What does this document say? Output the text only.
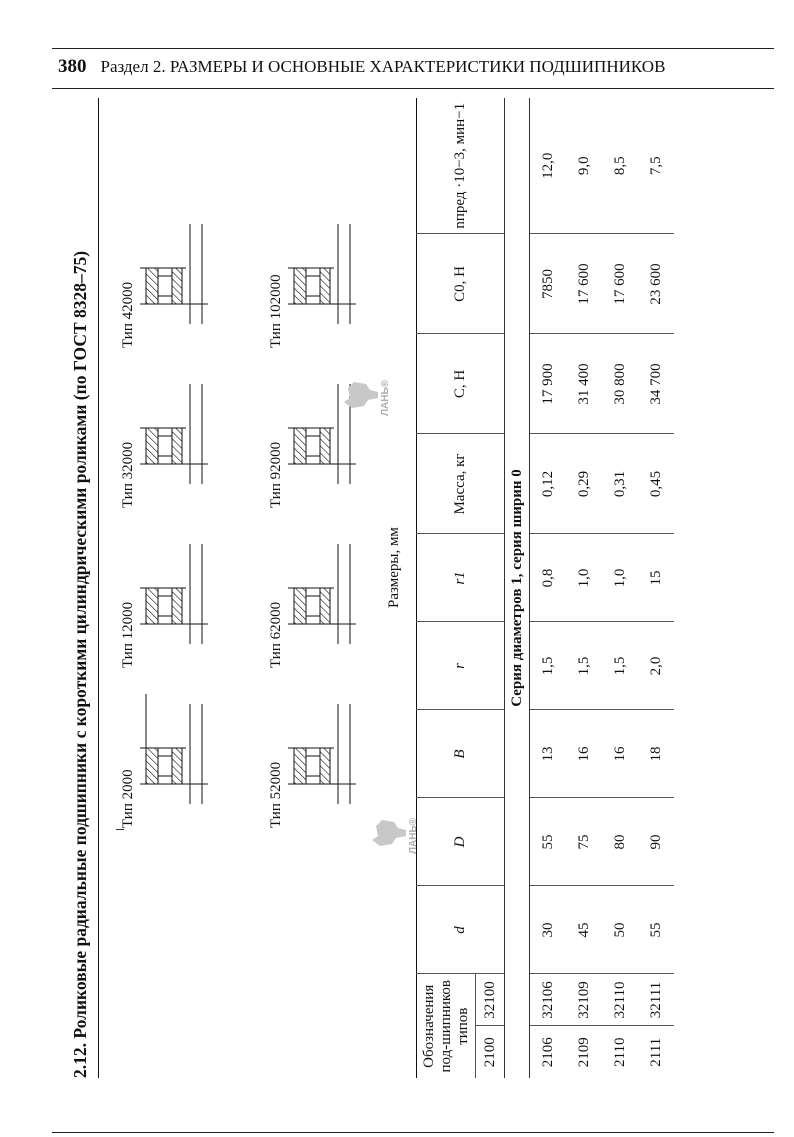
380 Раздел 2. РАЗМЕРЫ И ОСНОВНЫЕ ХАРАКТЕРИСТИКИ ПОДШИПНИКОВ
2.12. Роликовые радиальные подшипники с короткими цилиндрическими роликами (по ГОСТ 8328–75) Тип 2000
Тип 12000
Тип 32000
Тип 42000
Тип 52000
Тип 62000
Тип 92000
Тип 102000
ЛАНЬ®
ЛАНЬ®
Размеры, мм
Обозначения под-шипников типов		d	D	B	r	r1	Масса, кг	C, Н	C0, Н	nпред ·10−3, мин−1
2100	32100									
Серия диаметров 1, серия ширин 0										
2106	32106	30	55	13	1,5	0,8	0,12	17 900	7850	12,0
2109	32109	45	75	16	1,5	1,0	0,29	31 400	17 600	9,0
2110	32110	50	80	16	1,5	1,0	0,31	30 800	17 600	8,5
2111	32111	55	90	18	2,0	15	0,45	34 700	23 600	7,5
